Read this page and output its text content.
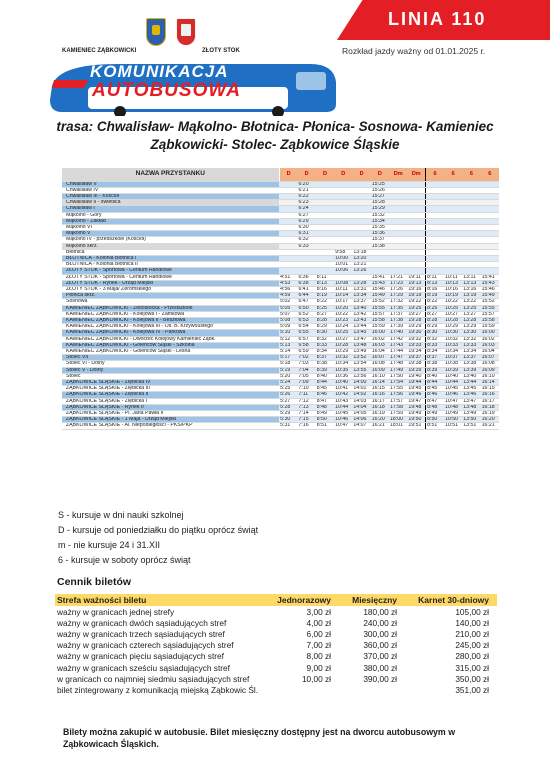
KAMIENIEC ZĄBKOWICKI	ZŁOTY STOK
KOMUNIKACJA
AUTOBUSOWA
LINIA 110
Rozkład jazdy ważny od 01.01.2025 r.
trasa: Chwalisław- Mąkolno- Błotnica- Płonica- Sosnowa- Kamieniec
Ząbkowicki- Stolec- Ząbkowice Śląskie
NAZWA PRZYSTANKU	D	D	D	D	D	D	Dm	Dm	6	6	6	6
Chwalisław V		6:20				15:25						
Chwalisław IV		6:21				15:26						
Chwalisław III - Kościół		6:22				15:27						
Chwalisław II - świetlica		6:23				15:28						
Chwalisław I		6:24				15:29						
Mąkolno - Góry		6:27				15:32						
Mąkolno - Zakład		6:29				15:34						
Mąkolno VI		6:30				15:35						
Mąkolno V		6:31				15:36						
Mąkolno IV - przedszkole (Kościół)		6:32				15:37						
Mąkolno skrz.		6:33				15:38						
Błotnica				9:58	13:18							
BŁOTNICA - Kolonia Błotnica I				10:00	13:20							
BŁOTNICA - Kolonia Błotnica II				10:01	13:21							
ZŁOTY STOK - Sportowa - Centum Handlowe				10:06	13:26							
ZŁOTY STOK - Sportowa - Centum Handlowe	4:51	6:36	8:11			15:41	17:21	19:11	8:11	10:11	13:11	15:41
ZŁOTY STOK - Rynek - Urząd Miejski	4:53	6:38	8:13	10:08	13:28	15:43	17:23	19:13	8:13	10:13	13:13	15:43
ZŁOTY STOK - 3 Maja/ Żeromskiego	4:56	6:41	8:16	10:11	13:31	15:46	17:26	19:16	8:16	10:16	13:16	15:46
Płonica skrz.	4:59	6:44	8:19	10:14	13:34	15:49	17:29	19:19	8:19	10:19	13:19	15:49
Sosnowa	5:02	6:47	8:22	10:17	13:37	15:52	17:32	19:22	8:22	10:22	13:22	15:52
KAMIENIEC ZĄBKOWICKI - Złotostocka - Przedszkole	5:05	6:50	8:25	10:20	13:40	15:55	17:35	19:25	8:25	10:25	13:25	15:55
KAMIENIEC ZĄBKOWICKI - Kolejowa I - Zamkowa	5:07	6:52	8:27	10:22	13:42	15:57	17:37	19:27	8:27	10:27	13:27	15:57
KAMIENIEC ZĄBKOWICKI - Kolejowa II - Beszłowa	5:08	6:53	8:28	10:23	13:43	15:58	17:38	19:28	8:28	10:28	13:28	15:58
KAMIENIEC ZĄBKOWICKI - Kolejowa III - Os. B. Krzywoustego	5:09	6:54	8:29	10:24	13:44	15:59	17:39	19:29	8:29	10:29	13:29	15:59
KAMIENIEC ZĄBKOWICKI - Kolejowa IV - Parkowa	5:10	6:55	8:30	10:25	13:45	16:00	17:40	19:30	8:30	10:30	13:30	16:00
KAMIENIEC ZĄBKOWICKI - Dworzec Kolejowy Kamieniec Ząbk.	5:12	6:57	8:32	10:27	13:47	16:02	17:42	19:32	8:32	10:32	13:32	16:02
KAMIENIEC ZĄBKOWICKI - Golenców Śląski - Szkolna	5:13	6:58	8:33	10:28	13:48	16:03	17:43	19:33	8:33	10:33	13:33	16:03
KAMIENIEC ZĄBKOWICKI - Golenców Śląski - Leśna	5:14	6:59	8:34	10:29	13:49	16:04	17:44	19:34	8:34	10:34	13:34	16:04
Stolec VII	5:17	7:02	8:37	10:32	13:52	16:07	17:47	19:37	8:37	10:37	13:37	16:07
Stolec VI - Dolny	5:18	7:03	8:38	10:34	13:54	16:08	17:48	19:38	8:38	10:38	13:38	16:08
Stolec V - Dolny	5:19	7:04	8:39	10:35	13:55	16:09	17:49	19:39	8:39	10:39	13:39	16:09
Stolec	5:20	7:05	8:40	10:36	13:56	16:10	17:50	19:40	8:40	10:40	13:40	16:10
ZĄBKOWICE ŚLĄSKIE - Ziębicka IV	5:24	7:09	8:44	10:40	14:00	16:14	17:54	19:44	8:44	10:44	13:44	16:14
ZĄBKOWICE ŚLĄSKIE - Ziębicka III	5:25	7:10	8:45	10:41	14:01	16:15	17:55	19:45	8:45	10:45	13:45	16:15
ZĄBKOWICE ŚLĄSKIE - Ziębicka II	5:26	7:11	8:46	10:42	14:02	16:16	17:56	19:46	8:46	10:46	13:46	16:16
ZĄBKOWICE ŚLĄSKIE - Ziębicka I	5:27	7:12	8:47	10:43	14:03	16:17	17:57	19:47	8:47	10:47	13:47	16:17
ZĄBKOWICE ŚLĄSKIE - Rynek II	5:28	7:13	8:48	10:44	14:04	16:18	17:58	19:48	8:48	10:48	13:48	16:18
ZĄBKOWICE ŚLĄSKIE - Pl. Jana Pawła II	5:29	7:14	8:49	10:45	14:05	16:19	17:59	19:49	8:49	10:49	13:49	16:19
ZĄBKOWICE ŚLĄSKIE - 1 Maja - Urząd Miejski	5:30	7:15	8:50	10:46	14:06	16:20	18:00	19:50	8:50	10:50	13:50	16:20
ZĄBKOWICE ŚLĄSKIE - Al. Niepodległości - PKS/PKP	5:31	7:16	8:51	10:47	14:07	16:21	18:01	19:51	8:51	10:51	13:51	16:21
S - kursuje w dni nauki szkolnej
D - kursuje od poniedziałku do piątku oprócz świąt
m - nie kursuje 24 i 31.XII
6 - kursuje w soboty oprócz świąt
Cennik biletów
Strefa ważności biletu	Jednorazowy	Miesięczny	Karnet 30-dniowy
ważny w granicach jednej strefy	3,00 zł	180,00 zł	105,00 zł
ważny w granicach dwóch sąsiadujących stref	4,00 zł	240,00 zł	140,00 zł
ważny w granicach trzech sąsiadujących stref	6,00 zł	300,00 zł	210,00 zł
ważny w granicach czterech sąsiadujących stref	7,00 zł	360,00 zł	245,00 zł
ważny w granicach pięciu sąsiadujących stref	8,00 zł	370,00 zł	280,00 zł
ważny w granicach sześciu sąsiadujących stref	9,00 zł	380,00 zł	315,00 zł
w granicach co najmniej siedmiu sąsiadujących stref	10,00 zł	390,00 zł	350,00 zł
bilet zintegrowany z komunikacją miejską Ząbkowic Śl.			351,00 zł
Bilety można zakupić w autobusie. Bilet miesięczny dostępny jest na dworcu autobusowym w Ząbkowicach Śląskich.
